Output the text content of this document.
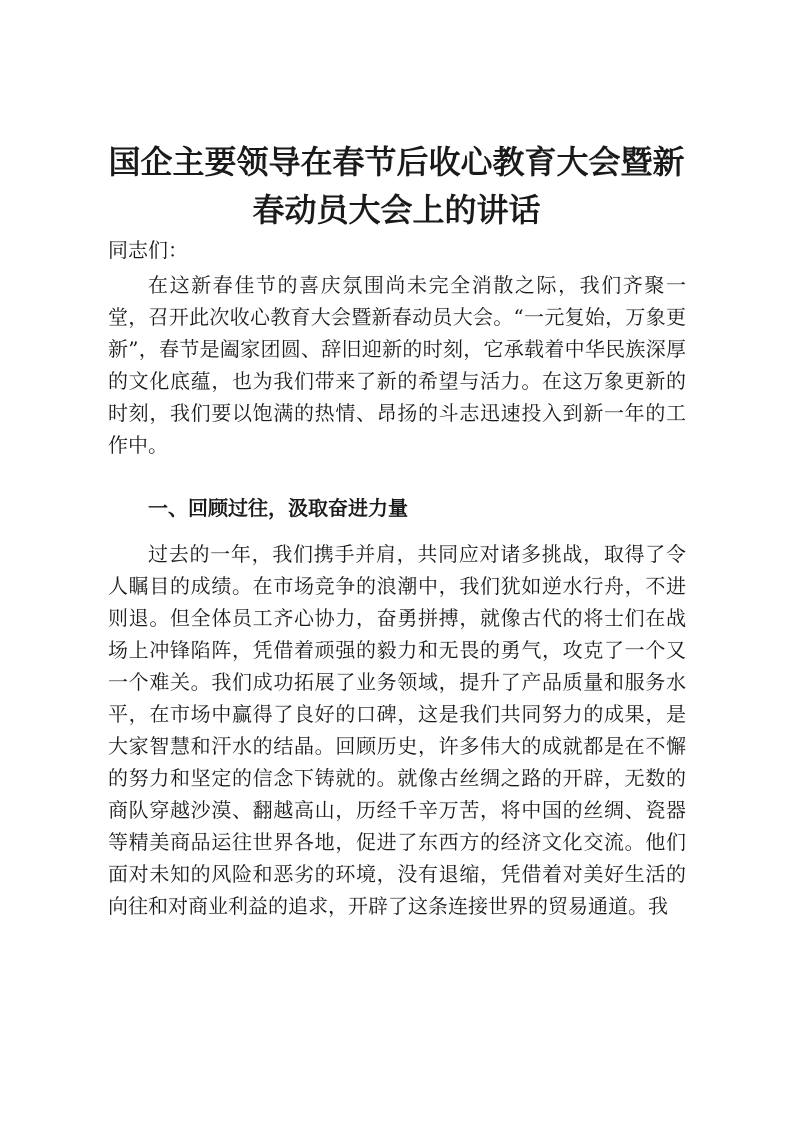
国企主要领导在春节后收心教育大会暨新春动员大会上的讲话

同志们：

在这新春佳节的喜庆氛围尚未完全消散之际，我们齐聚一堂，召开此次收心教育大会暨新春动员大会。“一元复始，万象更新”，春节是阖家团圆、辞旧迎新的时刻，它承载着中华民族深厚的文化底蕴，也为我们带来了新的希望与活力。在这万象更新的时刻，我们要以饱满的热情、昂扬的斗志迅速投入到新一年的工作中。

一、回顾过往，汲取奋进力量

过去的一年，我们携手并肩，共同应对诸多挑战，取得了令人瞩目的成绩。在市场竞争的浪潮中，我们犹如逆水行舟，不进则退。但全体员工齐心协力，奋勇拼搏，就像古代的将士们在战场上冲锋陷阵，凭借着顽强的毅力和无畏的勇气，攻克了一个又一个难关。我们成功拓展了业务领域，提升了产品质量和服务水平，在市场中赢得了良好的口碑，这是我们共同努力的成果，是大家智慧和汗水的结晶。回顾历史，许多伟大的成就都是在不懈的努力和坚定的信念下铸就的。就像古丝绸之路的开辟，无数的商队穿越沙漠、翻越高山，历经千辛万苦，将中国的丝绸、瓷器等精美商品运往世界各地，促进了东西方的经济文化交流。他们面对未知的风险和恶劣的环境，没有退缩，凭借着对美好生活的向往和对商业利益的追求，开辟了这条连接世界的贸易通道。我
